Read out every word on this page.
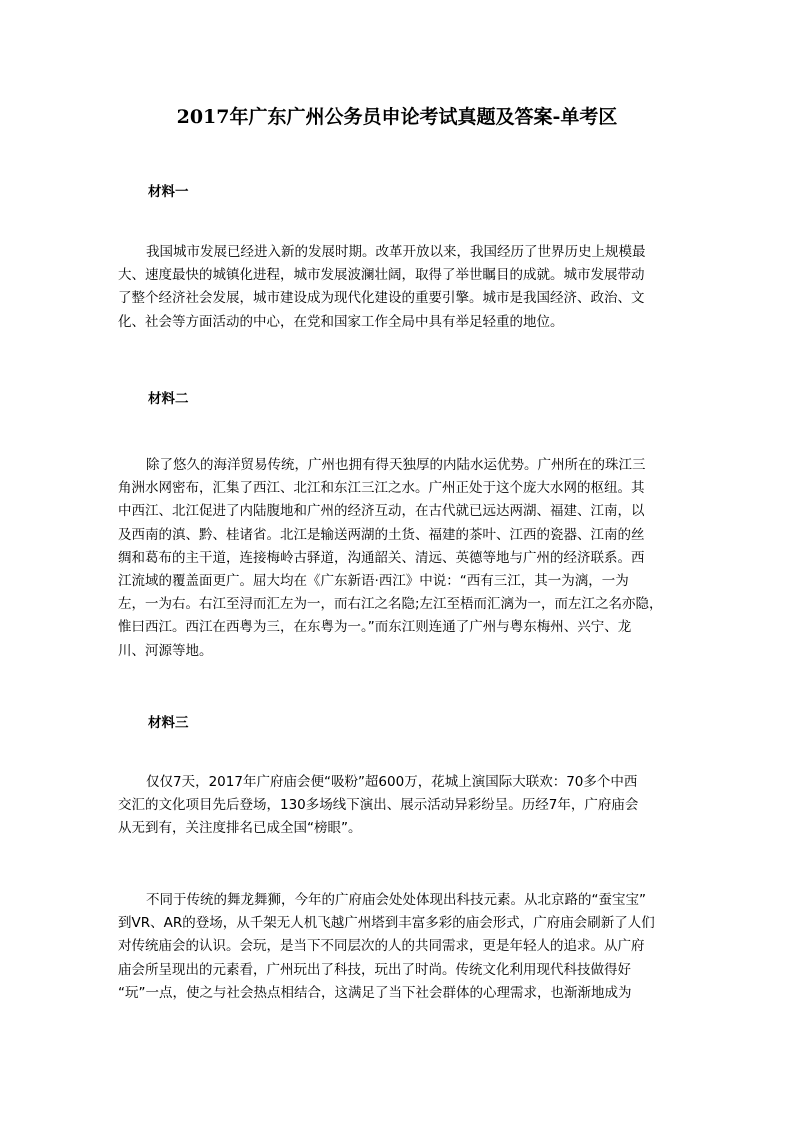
2017年广东广州公务员申论考试真题及答案-单考区
材料一
我国城市发展已经进入新的发展时期。改革开放以来，我国经历了世界历史上规模最
大、速度最快的城镇化进程，城市发展波澜壮阔，取得了举世瞩目的成就。城市发展带动
了整个经济社会发展，城市建设成为现代化建设的重要引擎。城市是我国经济、政治、文
化、社会等方面活动的中心，在党和国家工作全局中具有举足轻重的地位。
材料二
除了悠久的海洋贸易传统，广州也拥有得天独厚的内陆水运优势。广州所在的珠江三
角洲水网密布，汇集了西江、北江和东江三江之水。广州正处于这个庞大水网的枢纽。其
中西江、北江促进了内陆腹地和广州的经济互动，在古代就已远达两湖、福建、江南，以
及西南的滇、黔、桂诸省。北江是输送两湖的土货、福建的茶叶、江西的瓷器、江南的丝
绸和葛布的主干道，连接梅岭古驿道，沟通韶关、清远、英德等地与广州的经济联系。西
江流域的覆盖面更广。屈大均在《广东新语·西江》中说：“西有三江，其一为漓，一为
左，一为右。右江至浔而汇左为一，而右江之名隐;左江至梧而汇漓为一，而左江之名亦隐，
惟曰西江。西江在西粤为三，在东粤为一。”而东江则连通了广州与粤东梅州、兴宁、龙
川、河源等地。
材料三
仅仅7天，2017年广府庙会便“吸粉”超600万，花城上演国际大联欢：70多个中西
交汇的文化项目先后登场，130多场线下演出、展示活动异彩纷呈。历经7年，广府庙会
从无到有，关注度排名已成全国“榜眼”。
不同于传统的舞龙舞狮，今年的广府庙会处处体现出科技元素。从北京路的“蚕宝宝”
到VR、AR的登场，从千架无人机飞越广州塔到丰富多彩的庙会形式，广府庙会刷新了人们
对传统庙会的认识。会玩，是当下不同层次的人的共同需求，更是年轻人的追求。从广府
庙会所呈现出的元素看，广州玩出了科技，玩出了时尚。传统文化利用现代科技做得好
“玩”一点，使之与社会热点相结合，这满足了当下社会群体的心理需求，也渐渐地成为
